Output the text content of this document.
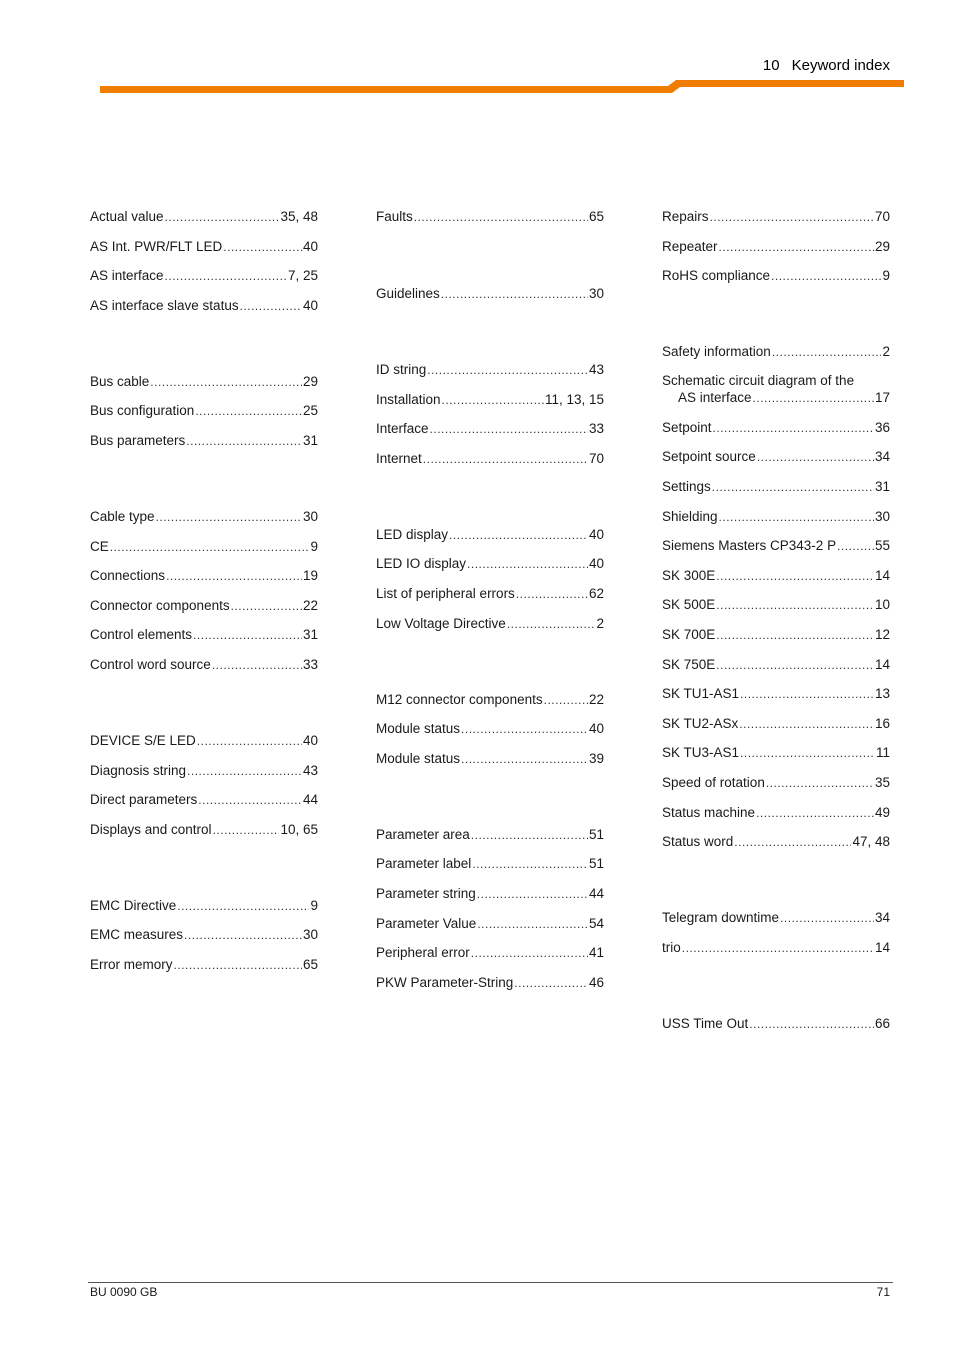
10 Keyword index
Actual value .....	35, 48
AS Int. PWR/FLT LED .....	40
AS interface .....	7, 25
AS interface slave status .....	40
Bus cable .....	29
Bus configuration .....	25
Bus parameters .....	31
Cable type .....	30
CE .....	9
Connections .....	19
Connector components .....	22
Control elements .....	31
Control word source .....	33
DEVICE S/E LED .....	40
Diagnosis string .....	43
Direct parameters .....	44
Displays and control .....	10, 65
EMC Directive .....	9
EMC measures .....	30
Error memory .....	65
Faults .....	65
Guidelines .....	30
ID string .....	43
Installation .....	11, 13, 15
Interface .....	33
Internet .....	70
LED display .....	40
LED IO display .....	40
List of peripheral errors .....	62
Low Voltage Directive .....	2
M12 connector components .....	22
Module status .....	40
Module status .....	39
Parameter area .....	51
Parameter label .....	51
Parameter string .....	44
Parameter Value .....	54
Peripheral error .....	41
PKW Parameter-String .....	46
Repairs .....	70
Repeater .....	29
RoHS compliance .....	9
Safety information .....	2
Schematic circuit diagram of the
AS interface .....	17
Setpoint .....	36
Setpoint source .....	34
Settings .....	31
Shielding .....	30
Siemens Masters CP343-2 P .....	55
SK 300E .....	14
SK 500E .....	10
SK 700E .....	12
SK 750E .....	14
SK TU1-AS1 .....	13
SK TU2-ASx .....	16
SK TU3-AS1 .....	11
Speed of rotation .....	35
Status machine .....	49
Status word .....	47, 48
Telegram downtime .....	34
trio .....	14
USS Time Out .....	66
BU 0090 GB	71
